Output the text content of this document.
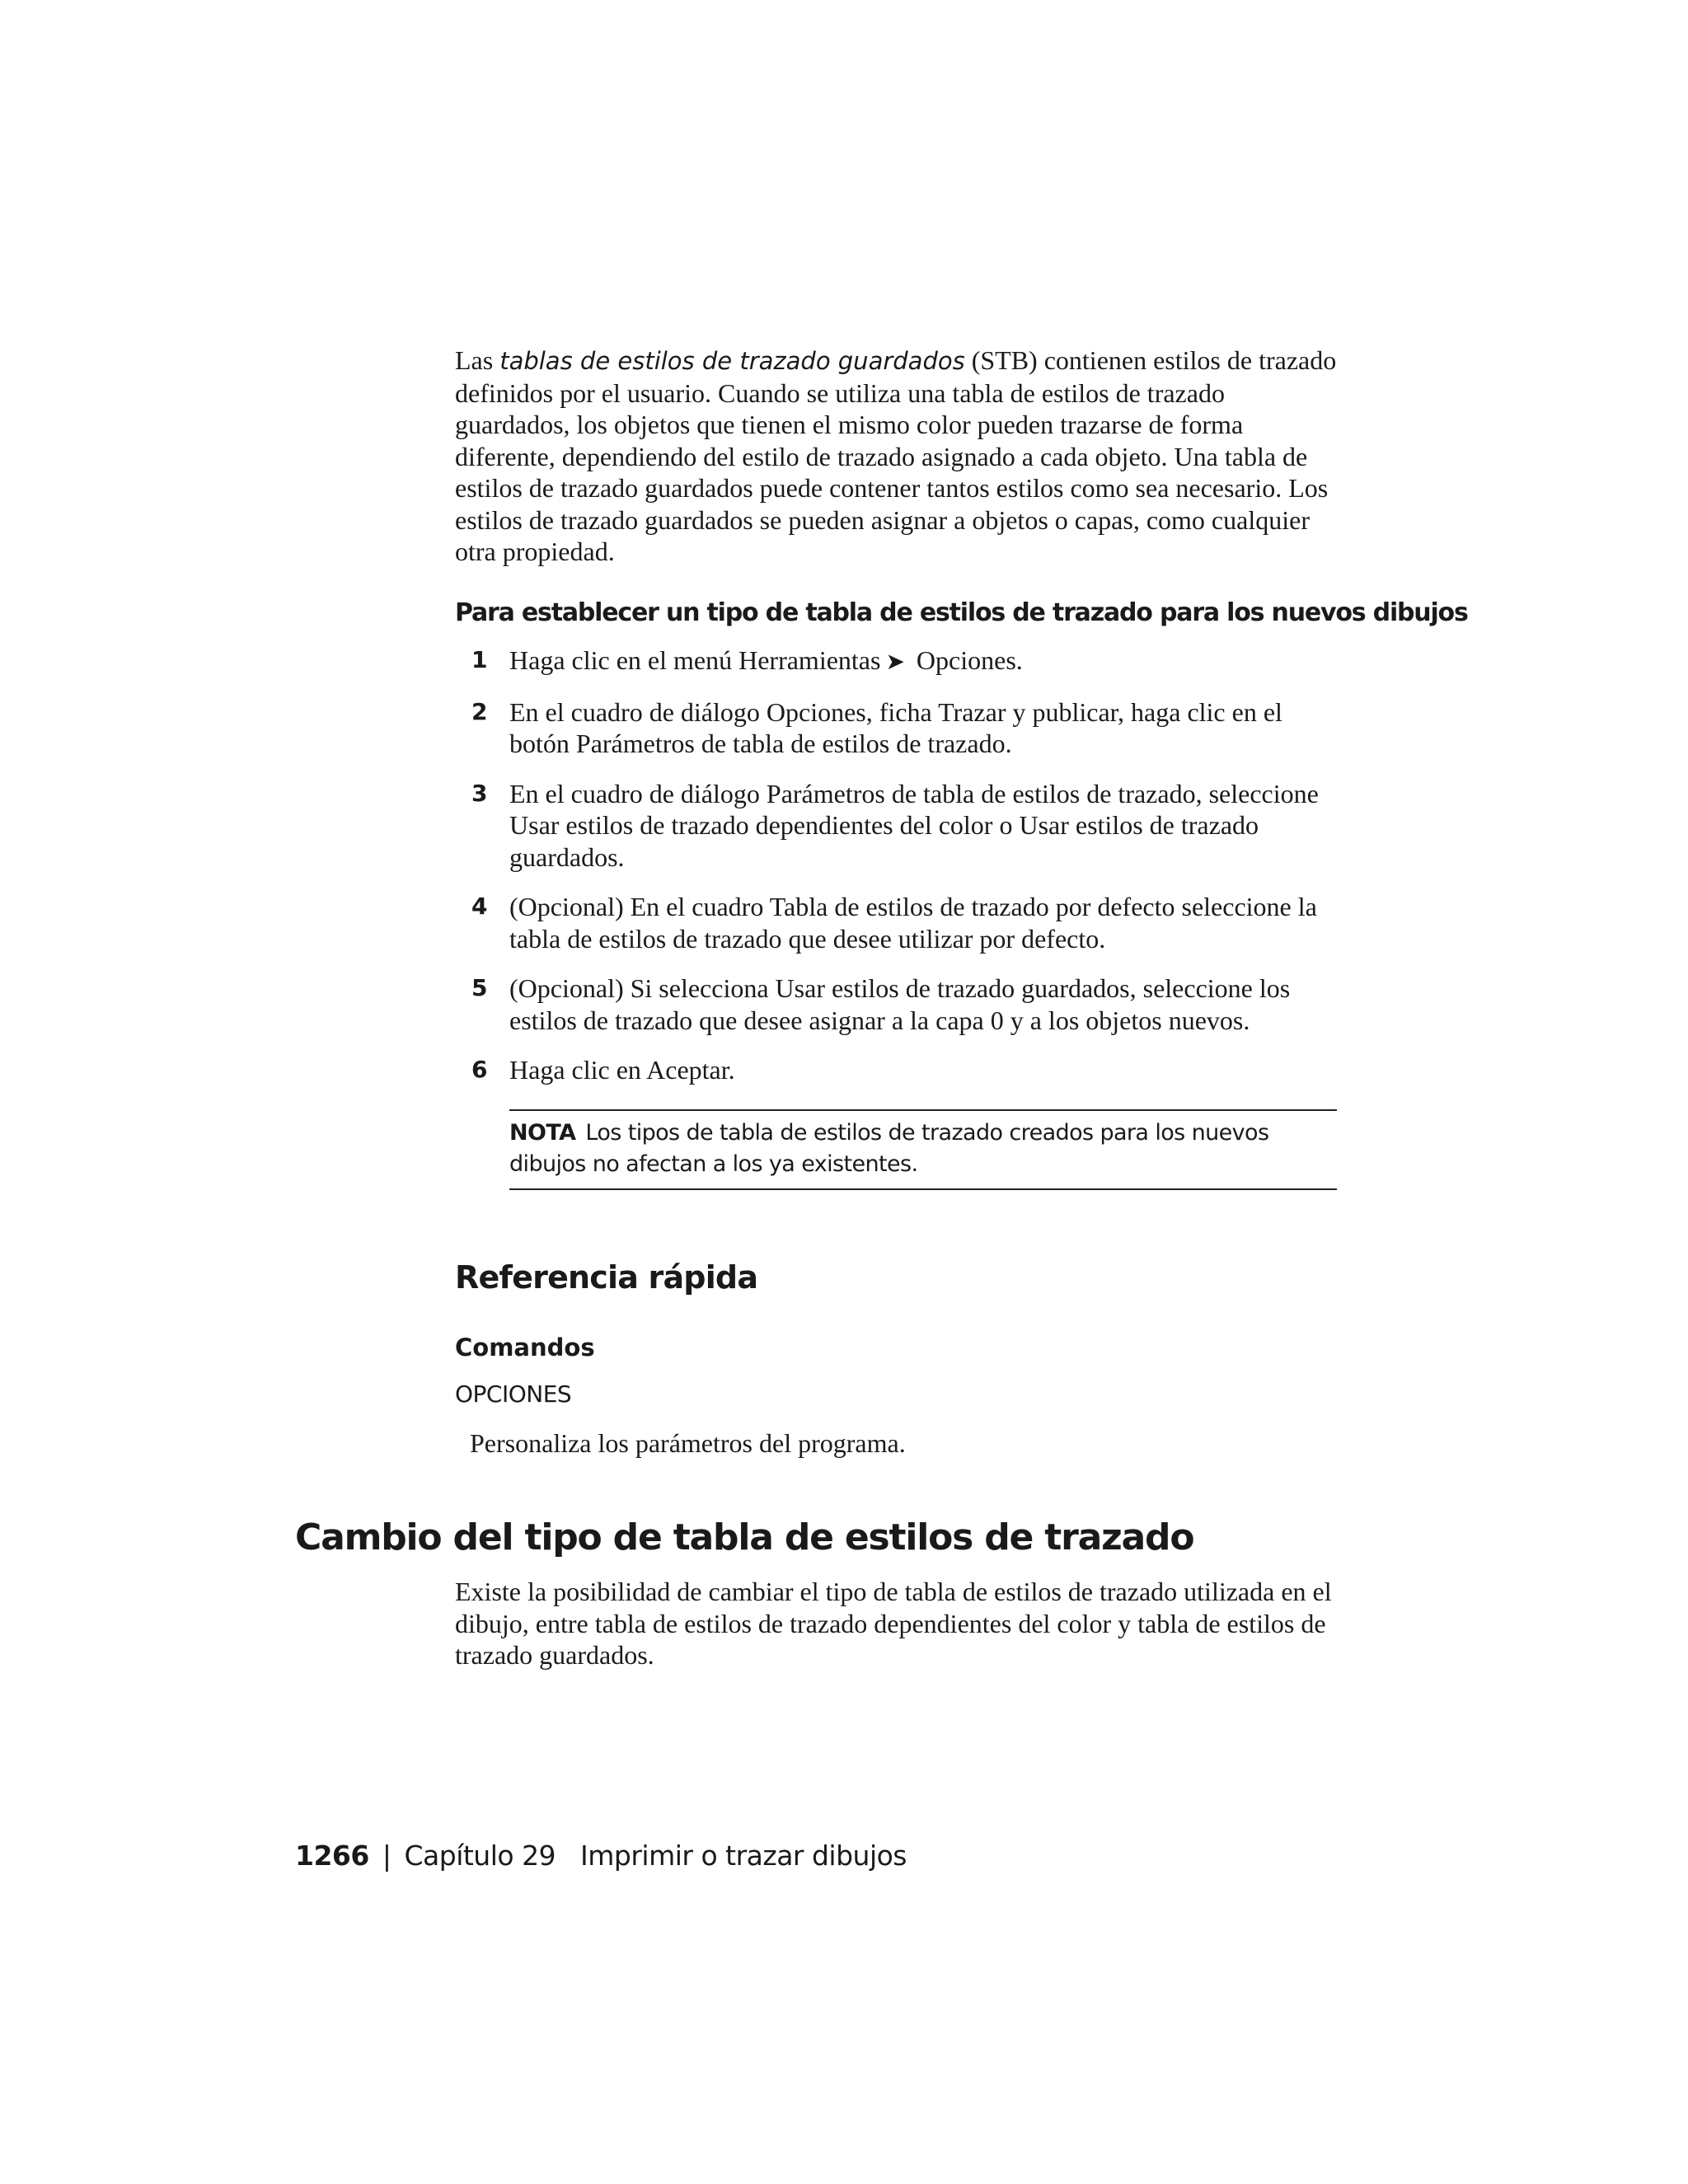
Las tablas de estilos de trazado guardados (STB) contienen estilos de trazado definidos por el usuario. Cuando se utiliza una tabla de estilos de trazado guardados, los objetos que tienen el mismo color pueden trazarse de forma diferente, dependiendo del estilo de trazado asignado a cada objeto. Una tabla de estilos de trazado guardados puede contener tantos estilos como sea necesario. Los estilos de trazado guardados se pueden asignar a objetos o capas, como cualquier otra propiedad.

Para establecer un tipo de tabla de estilos de trazado para los nuevos dibujos
1 Haga clic en el menú Herramientas ➤ Opciones.
2 En el cuadro de diálogo Opciones, ficha Trazar y publicar, haga clic en el botón Parámetros de tabla de estilos de trazado.
3 En el cuadro de diálogo Parámetros de tabla de estilos de trazado, seleccione Usar estilos de trazado dependientes del color o Usar estilos de trazado guardados.
4 (Opcional) En el cuadro Tabla de estilos de trazado por defecto seleccione la tabla de estilos de trazado que desee utilizar por defecto.
5 (Opcional) Si selecciona Usar estilos de trazado guardados, seleccione los estilos de trazado que desee asignar a la capa 0 y a los objetos nuevos.
6 Haga clic en Aceptar.
NOTA Los tipos de tabla de estilos de trazado creados para los nuevos dibujos no afectan a los ya existentes.
Referencia rápida
Comandos

OPCIONES

Personaliza los parámetros del programa.

Cambio del tipo de tabla de estilos de trazado

Existe la posibilidad de cambiar el tipo de tabla de estilos de trazado utilizada en el dibujo, entre tabla de estilos de trazado dependientes del color y tabla de estilos de trazado guardados.

1266 | Capítulo 29   Imprimir o trazar dibujos
